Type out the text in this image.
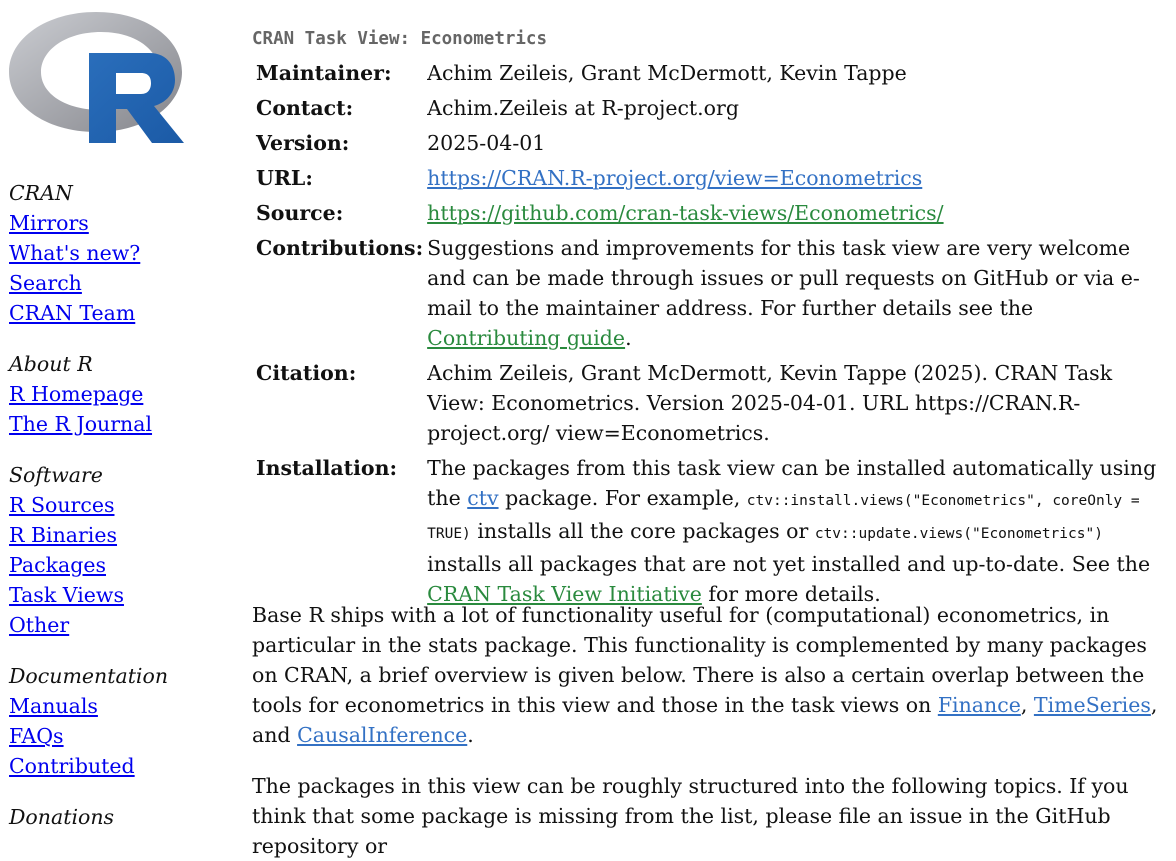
CRAN
Mirrors
What's new?
Search
CRAN Team
About R
R Homepage
The R Journal
Software
R Sources
R Binaries
Packages
Task Views
Other
Documentation
Manuals
FAQs
Contributed
Donations
CRAN Task View: Econometrics
Maintainer:	Achim Zeileis, Grant McDermott, Kevin Tappe
Contact:	Achim.Zeileis at R-project.org
Version:	2025-04-01
URL:	https://CRAN.R-project.org/view=Econometrics
Source:	https://github.com/cran-task-views/Econometrics/
Contributions:	Suggestions and improvements for this task view are very welcome and can be made through issues or pull requests on GitHub or via e-mail to the maintainer address. For further details see the Contributing guide.
Citation:	Achim Zeileis, Grant McDermott, Kevin Tappe (2025). CRAN Task View: Econometrics. Version 2025-04-01. URL https://CRAN.R-project.org/ view=Econometrics.
Installation:	The packages from this task view can be installed automatically using the ctv package. For example, ctv::install.views("Econometrics", coreOnly = TRUE) installs all the core packages or ctv::update.views("Econometrics") installs all packages that are not yet installed and up-to-date. See the CRAN Task View Initiative for more details.

Base R ships with a lot of functionality useful for (computational) econometrics, in particular in the stats package. This functionality is complemented by many packages on CRAN, a brief overview is given below. There is also a certain overlap between the tools for econometrics in this view and those in the task views on Finance, TimeSeries, and CausalInference.

The packages in this view can be roughly structured into the following topics. If you think that some package is missing from the list, please file an issue in the GitHub repository or
